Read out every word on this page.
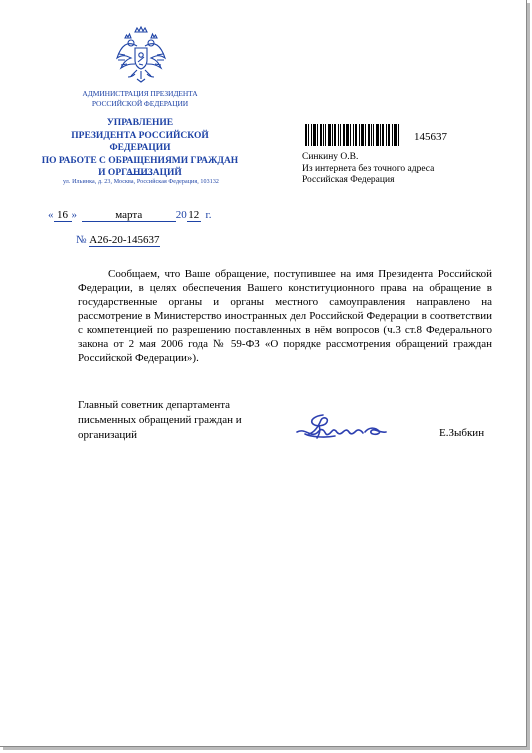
АДМИНИСТРАЦИЯ ПРЕЗИДЕНТА
РОССИЙСКОЙ ФЕДЕРАЦИИ
УПРАВЛЕНИЕ
ПРЕЗИДЕНТА РОССИЙСКОЙ ФЕДЕРАЦИИ
ПО РАБОТЕ С ОБРАЩЕНИЯМИ ГРАЖДАН
И ОРГАНИЗАЦИЙ
ул. Ильинка, д. 23, Москва, Российская Федерация, 103132
145637
Синкину О.В.
Из интернета без точного адреса
Российская Федерация
« 16 »	марта	20 12 г.
№ А26-20-145637
Сообщаем, что Ваше обращение, поступившее на имя Президента Российской Федерации, в целях обеспечения Вашего конституционного права на обращение в государственные органы и органы местного самоуправления направлено на рассмотрение в Министерство иностранных дел Российской Федерации в соответствии с компетенцией по разрешению поставленных в нём вопросов (ч.3 ст.8 Федерального закона от 2 мая 2006 года № 59-ФЗ «О порядке рассмотрения обращений граждан Российской Федерации»).
Главный советник департамента
письменных обращений граждан и
организаций	Е.Зыбкин
